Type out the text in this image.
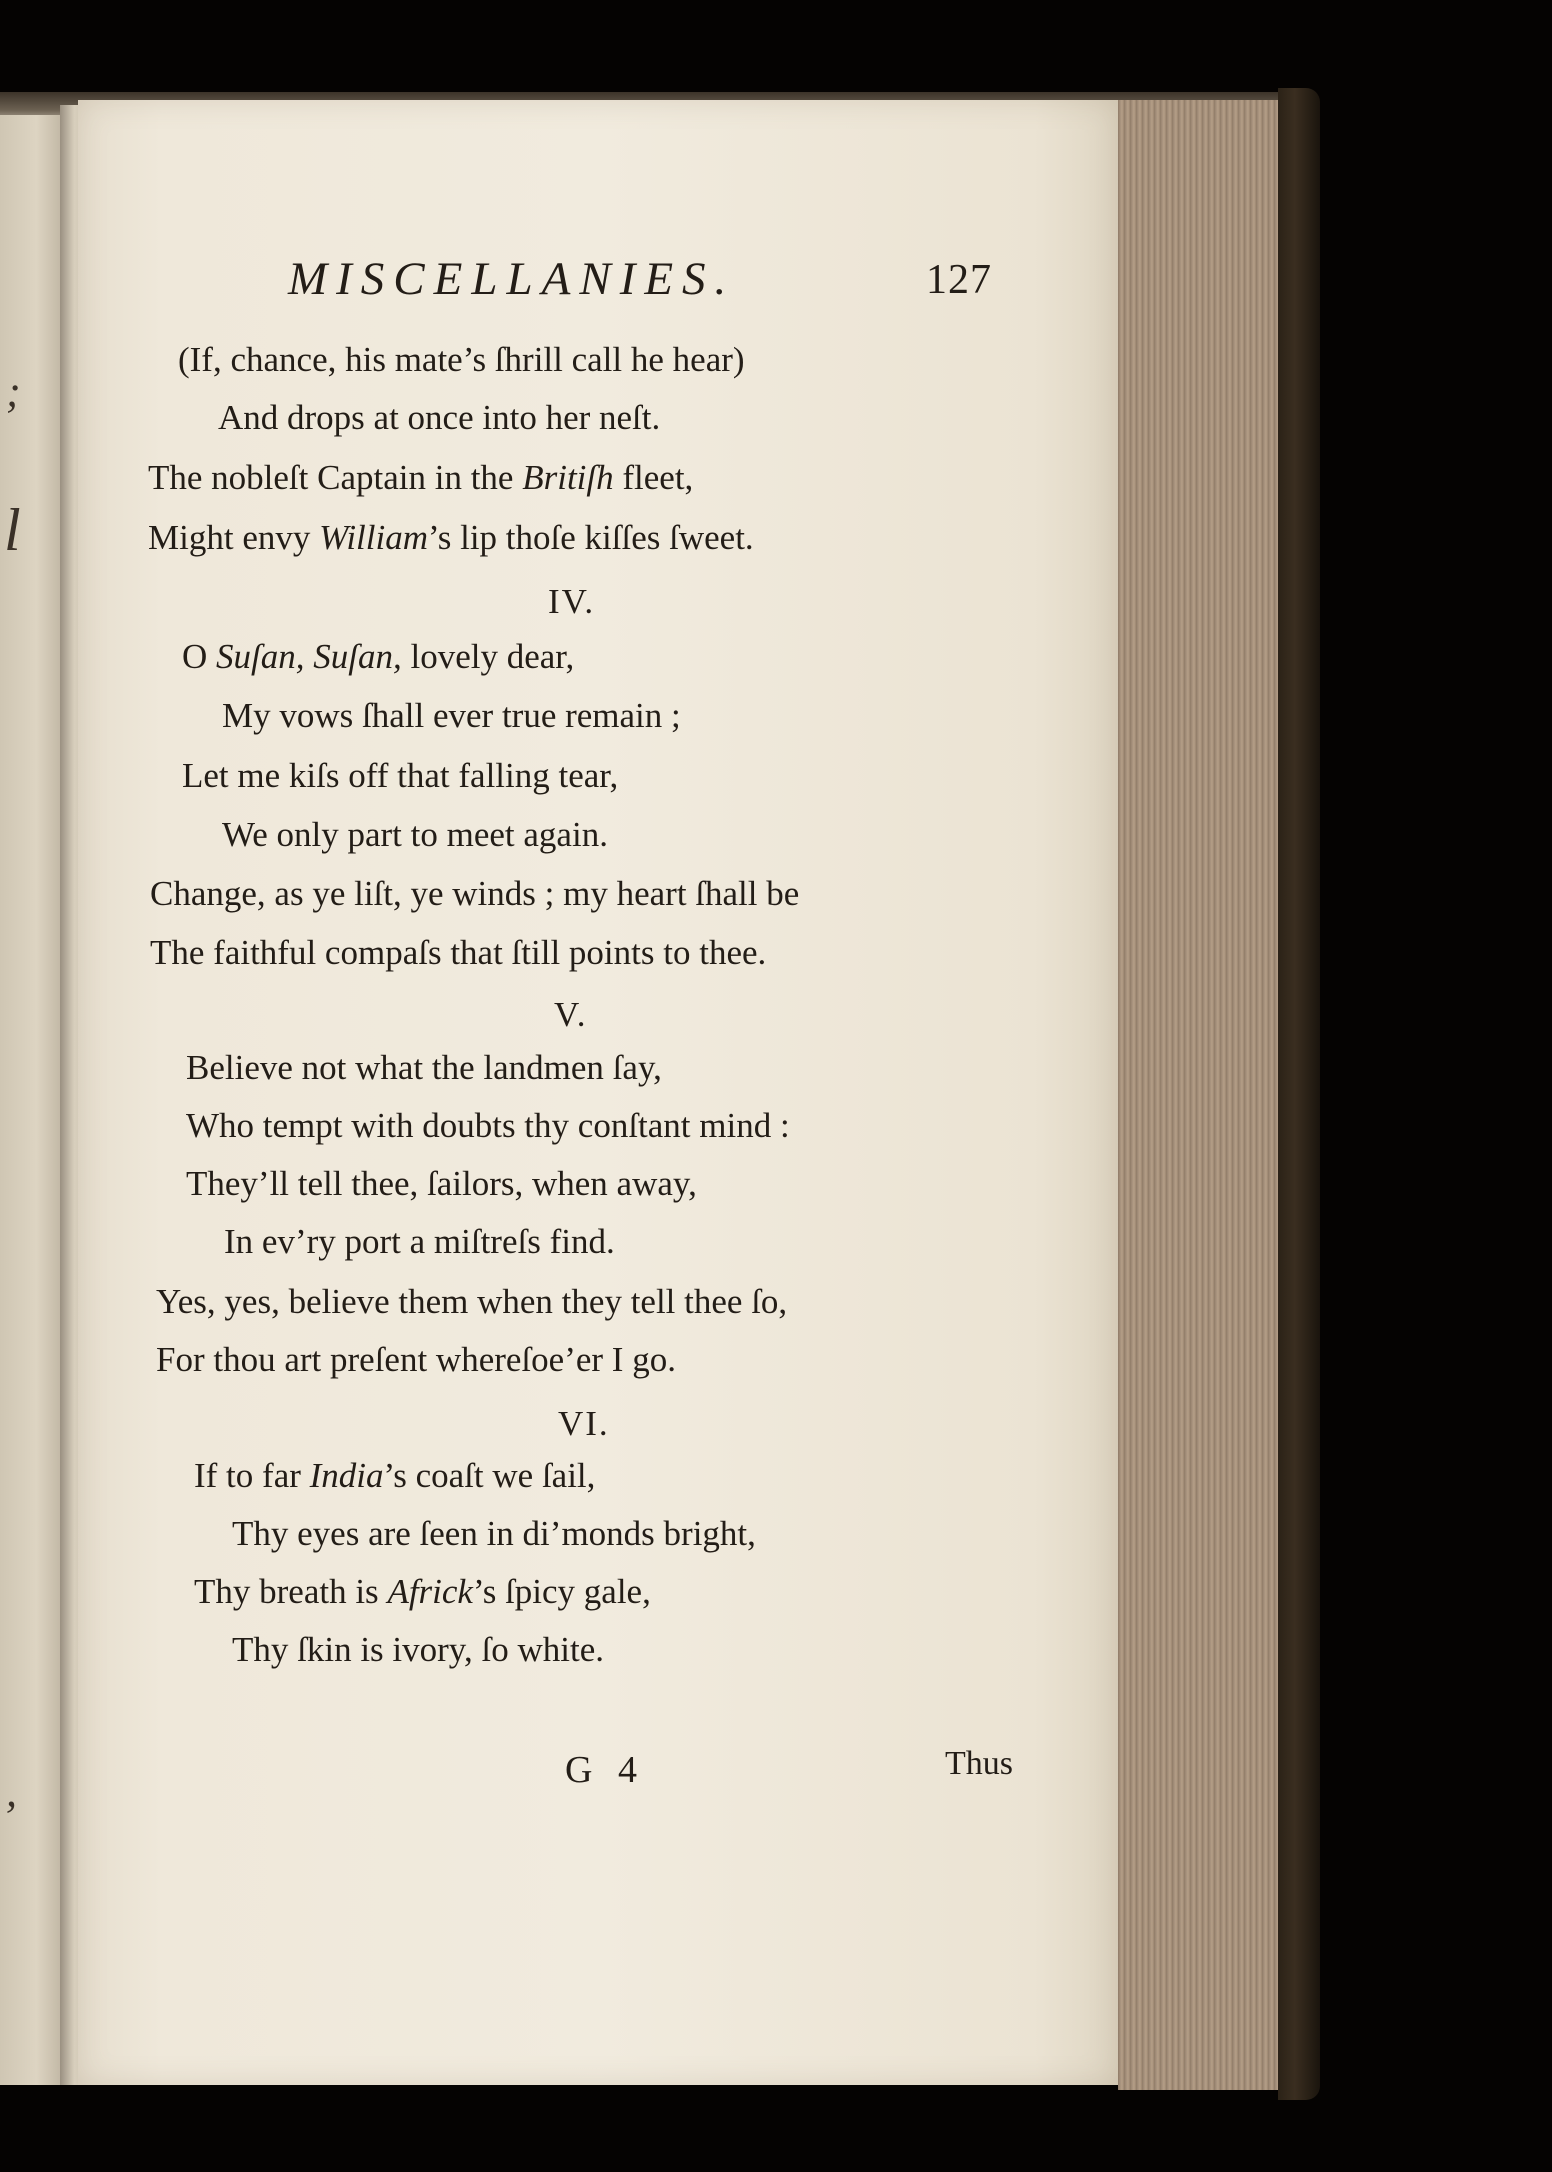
;
l
,
MISCELLANIES.	127
(If, chance, his mate’s ſhrill call he hear)
And drops at once into her neſt.
The nobleſt Captain in the Britiſh fleet,
Might envy William’s lip thoſe kiſſes ſweet.
IV.
O Suſan, Suſan, lovely dear,
My vows ſhall ever true remain ;
Let me kiſs off that falling tear,
We only part to meet again.
Change, as ye liſt, ye winds ; my heart ſhall be
The faithful compaſs that ſtill points to thee.
V.
Believe not what the landmen ſay,
Who tempt with doubts thy conſtant mind :
They’ll tell thee, ſailors, when away,
In ev’ry port a miſtreſs find.
Yes, yes, believe them when they tell thee ſo,
For thou art preſent whereſoe’er I go.
VI.
If to far India’s coaſt we ſail,
Thy eyes are ſeen in di’monds bright,
Thy breath is Africk’s ſpicy gale,
Thy ſkin is ivory, ſo white.
G 4	Thus
